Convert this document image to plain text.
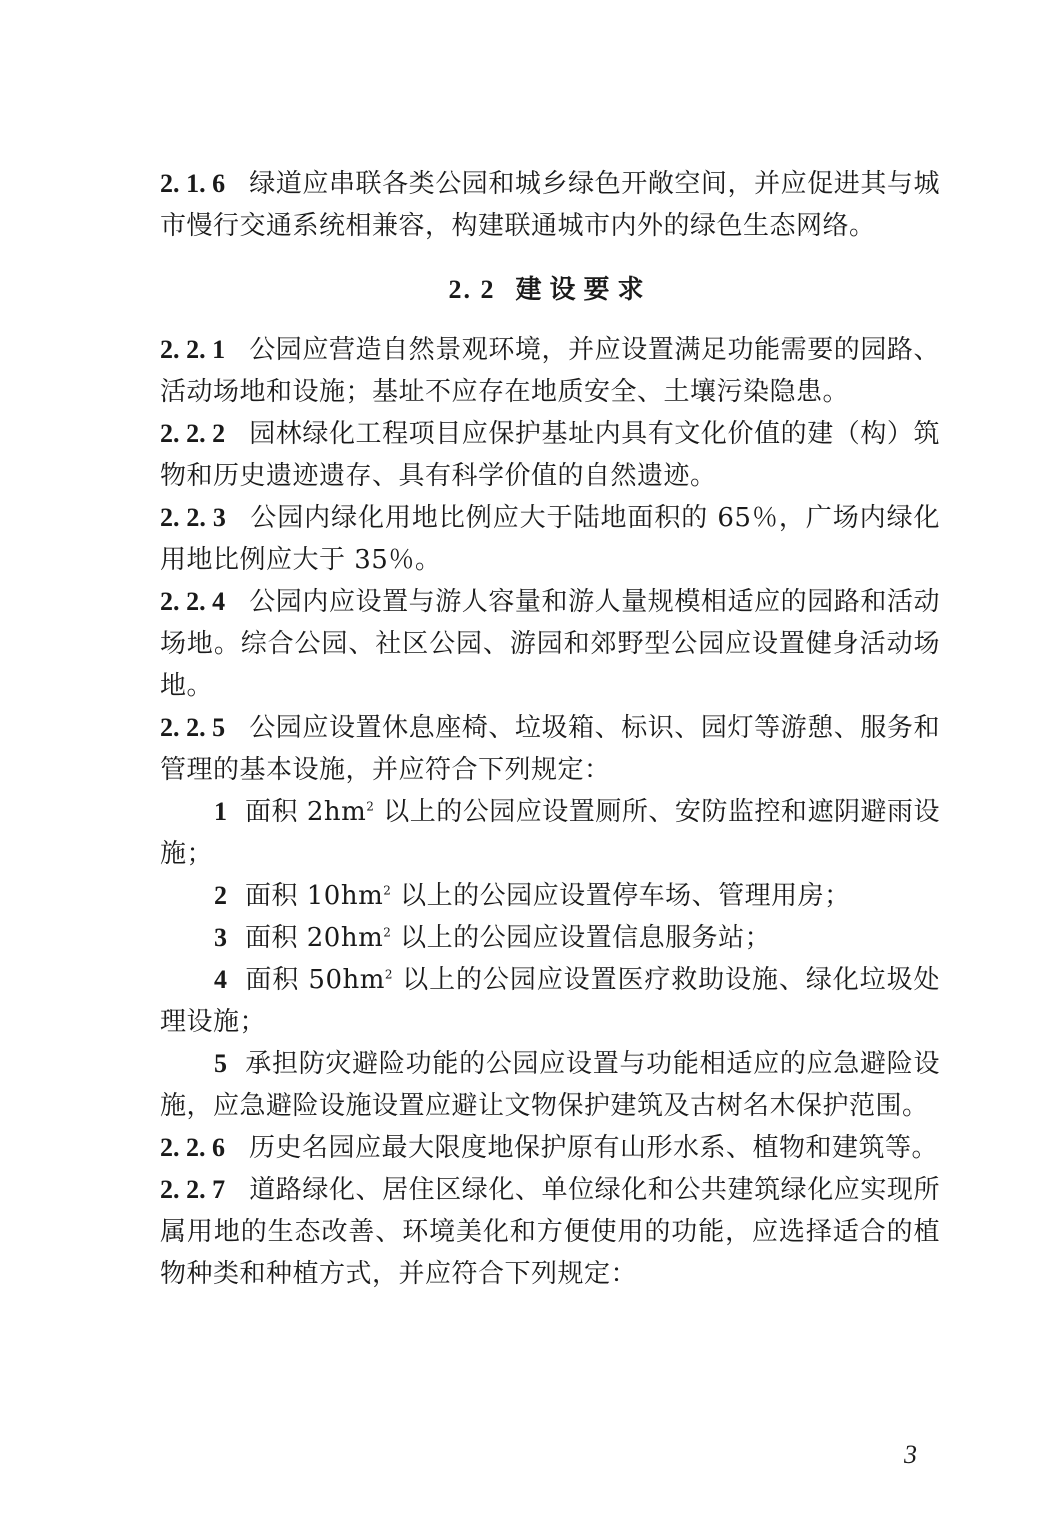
2. 1. 6 绿道应串联各类公园和城乡绿色开敞空间，并应促进其与城市慢行交通系统相兼容，构建联通城市内外的绿色生态网络。

2. 2 建设要求

2. 2. 1 公园应营造自然景观环境，并应设置满足功能需要的园路、活动场地和设施；基址不应存在地质安全、土壤污染隐患。

2. 2. 2 园林绿化工程项目应保护基址内具有文化价值的建（构）筑物和历史遗迹遗存、具有科学价值的自然遗迹。

2. 2. 3 公园内绿化用地比例应大于陆地面积的 65％，广场内绿化用地比例应大于 35％。

2. 2. 4 公园内应设置与游人容量和游人量规模相适应的园路和活动场地。综合公园、社区公园、游园和郊野型公园应设置健身活动场地。

2. 2. 5 公园应设置休息座椅、垃圾箱、标识、园灯等游憩、服务和管理的基本设施，并应符合下列规定：

1 面积 $2hm^2$ 以上的公园应设置厕所、安防监控和遮阴避雨设施；

2 面积 $10hm^2$ 以上的公园应设置停车场、管理用房；

3 面积 $20hm^2$ 以上的公园应设置信息服务站；

4 面积 $50hm^2$ 以上的公园应设置医疗救助设施、绿化垃圾处理设施；

5 承担防灾避险功能的公园应设置与功能相适应的应急避险设施，应急避险设施设置应避让文物保护建筑及古树名木保护范围。

2. 2. 6 历史名园应最大限度地保护原有山形水系、植物和建筑等。

2. 2. 7 道路绿化、居住区绿化、单位绿化和公共建筑绿化应实现所属用地的生态改善、环境美化和方便使用的功能，应选择适合的植物种类和种植方式，并应符合下列规定：

3
